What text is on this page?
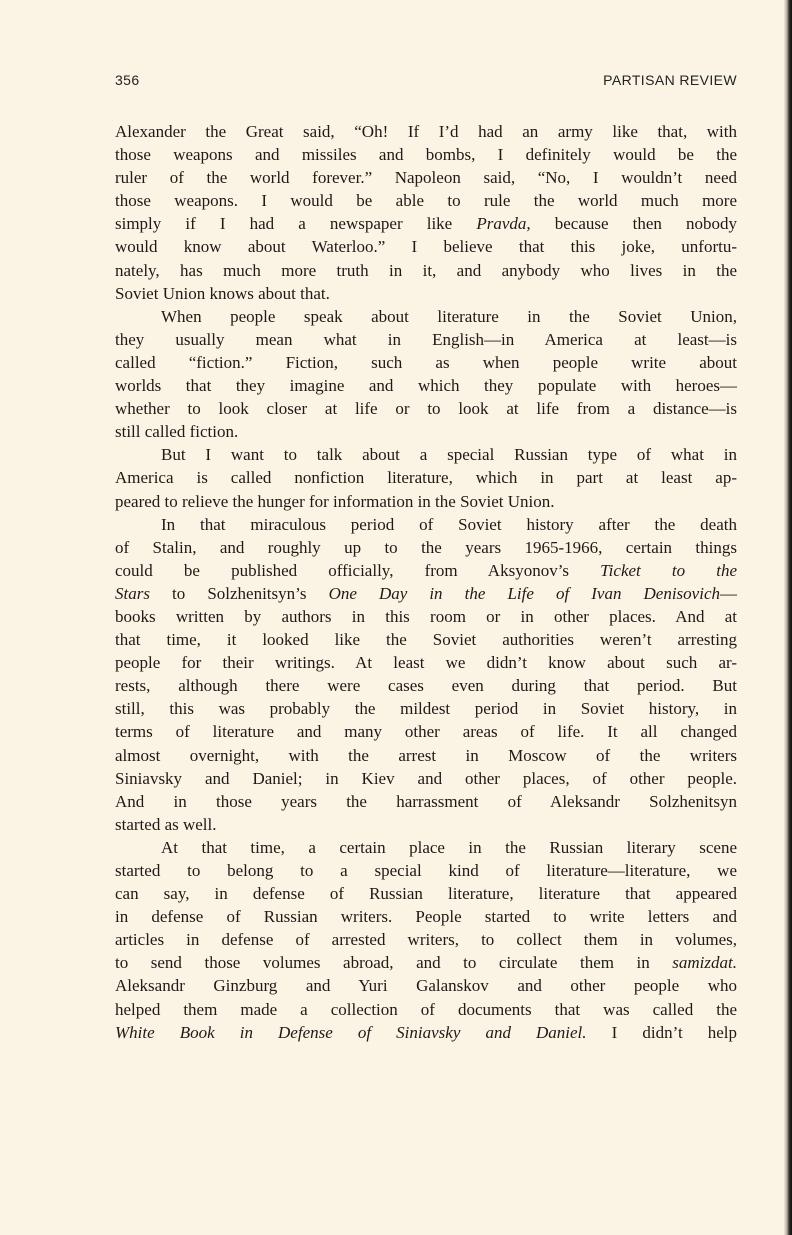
356	PARTISAN REVIEW
Alexander the Great said, “Oh! If I’d had an army like that, with
those weapons and missiles and bombs, I definitely would be the
ruler of the world forever.” Napoleon said, “No, I wouldn’t need
those weapons. I would be able to rule the world much more
simply if I had a newspaper like Pravda, because then nobody
would know about Waterloo.” I believe that this joke, unfortu-
nately, has much more truth in it, and anybody who lives in the
Soviet Union knows about that.
When people speak about literature in the Soviet Union,
they usually mean what in English—in America at least—is
called “fiction.” Fiction, such as when people write about
worlds that they imagine and which they populate with heroes—
whether to look closer at life or to look at life from a distance—is
still called fiction.
But I want to talk about a special Russian type of what in
America is called nonfiction literature, which in part at least ap-
peared to relieve the hunger for information in the Soviet Union.
In that miraculous period of Soviet history after the death
of Stalin, and roughly up to the years 1965-1966, certain things
could be published officially, from Aksyonov’s Ticket to the
Stars to Solzhenitsyn’s One Day in the Life of Ivan Denisovich—
books written by authors in this room or in other places. And at
that time, it looked like the Soviet authorities weren’t arresting
people for their writings. At least we didn’t know about such ar-
rests, although there were cases even during that period. But
still, this was probably the mildest period in Soviet history, in
terms of literature and many other areas of life. It all changed
almost overnight, with the arrest in Moscow of the writers
Siniavsky and Daniel; in Kiev and other places, of other people.
And in those years the harrassment of Aleksandr Solzhenitsyn
started as well.
At that time, a certain place in the Russian literary scene
started to belong to a special kind of literature—literature, we
can say, in defense of Russian literature, literature that appeared
in defense of Russian writers. People started to write letters and
articles in defense of arrested writers, to collect them in volumes,
to send those volumes abroad, and to circulate them in samizdat.
Aleksandr Ginzburg and Yuri Galanskov and other people who
helped them made a collection of documents that was called the
White Book in Defense of Siniavsky and Daniel. I didn’t help
